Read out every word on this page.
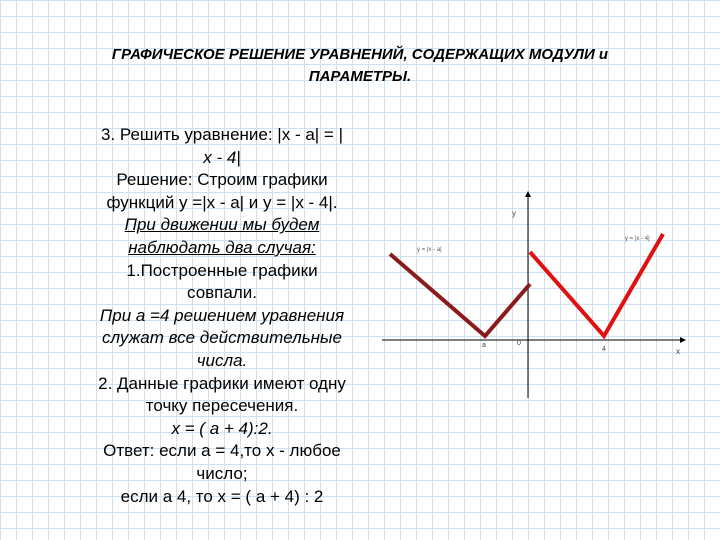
ГРАФИЧЕСКОЕ РЕШЕНИЕ УРАВНЕНИЙ, СОДЕРЖАЩИХ МОДУЛИ и
ПАРАМЕТРЫ.
3. Решить уравнение: |x - a| = |
x - 4|
Решение: Строим графики
функций у =|x - a| и у = |x - 4|.
При движении мы будем
наблюдать два случая:
1.Построенные графики
совпали.
При а =4 решением уравнения
служат все действительные
числа.
2. Данные графики имеют одну
точку пересечения.
х = ( а + 4):2.
Ответ: если а = 4,то х - любое
число;
если а 4, то х = ( а + 4) : 2
y
x
0
a
4
y = |x - a|
y = |x - 4|
